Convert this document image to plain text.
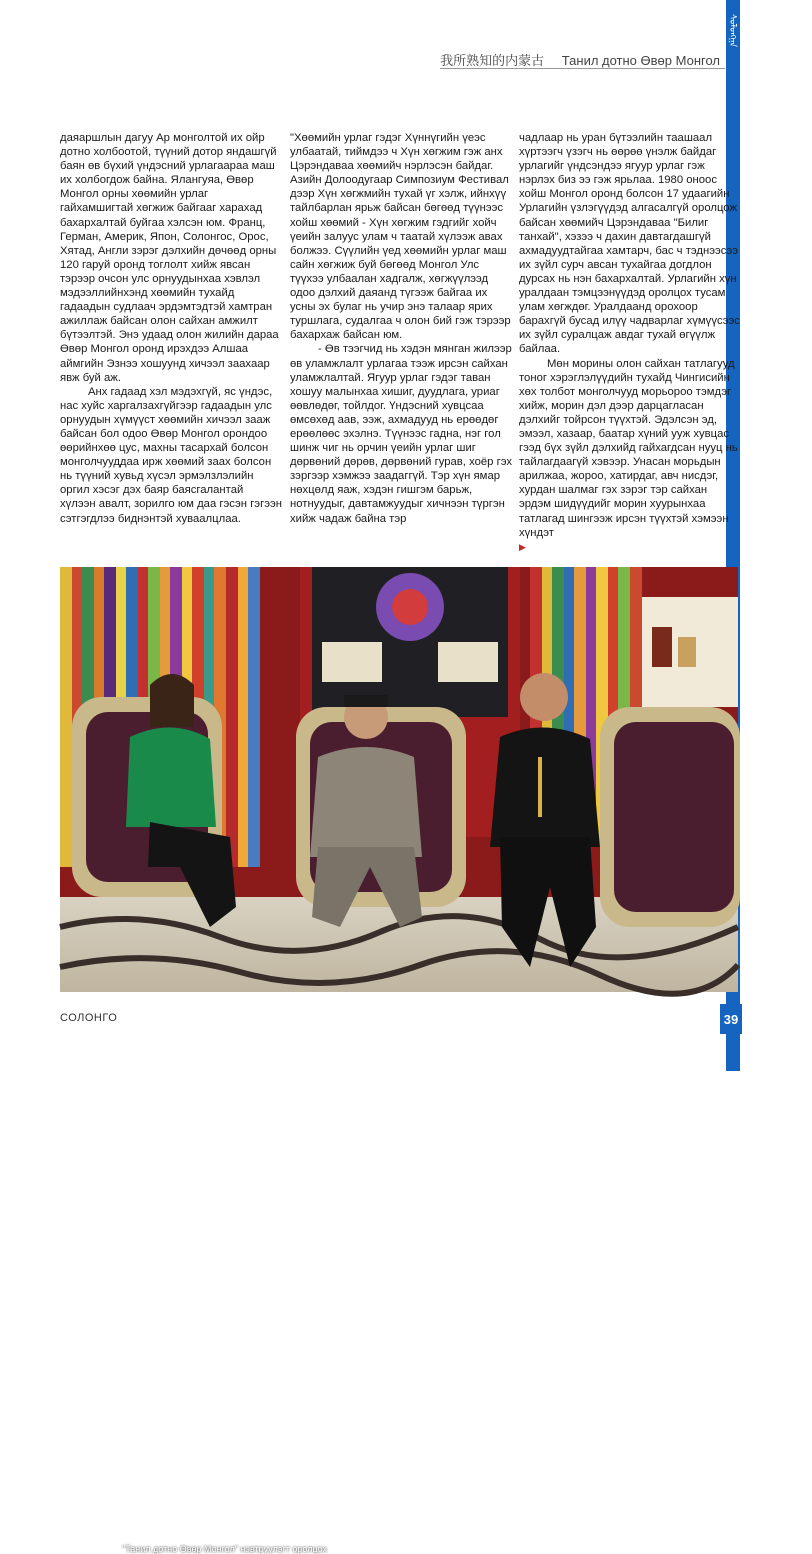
ᠰᠣᠯᠣᠩᠭ᠋ᠠ
我所熟知的内蒙古 Танил дотно Өвөр Монгол

даяаршлын дагуу Ар монголтой их ойр дотно холбоотой, түүний дотор яндашгүй баян өв бүхий үндэсний урлагаараа маш их холбогдож байна. Ялангуяа, Өвөр Монгол орны хөөмийн урлаг гайхамшигтай хөгжиж байгааг харахад бахархалтай буйгаа хэлсэн юм. Франц, Герман, Америк, Япон, Солонгос, Орос, Хятад, Англи зэрэг дэлхийн дөчөөд орны 120 гаруй оронд тоглолт хийж явсан тэрээр очсон улс орнуудынхаа хэвлэл мэдээллийнхэнд хөөмийн тухайд гадаадын судлаач эрдэмтэдтэй хамтран ажиллаж байсан олон сайхан амжилт бүтээлтэй. Энэ удаад олон жилийн дараа Өвөр Монгол оронд ирэхдээ Алшаа аймгийн Эзнээ хошуунд хичээл заахаар явж буй аж.

Анх гадаад хэл мэдэхгүй, яс үндэс, нас хуйс харгалзахгүйгээр гадаадын улс орнуудын хүмүүст хөөмийн хичээл зааж байсан бол одоо Өвөр Монгол орондоо өөрийнхөө цус, махны тасархай болсон монголчууддаа ирж хөөмий заах болсон нь түүний хувьд хүсэл эрмэлзлэлийн оргил хэсэг дэх баяр баясгалантай хүлээн авалт, зорилго юм даа гэсэн гэгээн сэтгэгдлээ биднэнтэй хуваалцлаа.

"Хөөмийн урлаг гэдэг Хүннүгийн үеэс улбаатай, тиймдээ ч Хүн хөгжим гэж анх Цэрэндаваа хөөмийч нэрлэсэн байдаг. Азийн Долоодугаар Симпозиум Фестивал дээр Хүн хөгжмийн тухай үг хэлж, ийнхүү тайлбарлан ярьж байсан бөгөөд түүнээс хойш хөөмий - Хүн хөгжим гэдгийг хойч үеийн залуус улам ч таатай хүлээж авах болжээ. Сүүлийн үед хөөмийн урлаг маш сайн хөгжиж буй бөгөөд Монгол Улс түүхээ улбаалан хадгалж, хөгжүүлээд одоо дэлхий даяанд түгээж байгаа их усны эх булаг нь учир энэ талаар ярих туршлага, судалгаа ч олон бий гэж тэрээр бахархаж байсан юм.

- Өв тээгчид нь хэдэн мянган жилээр өв уламжлалт урлагаа тээж ирсэн сайхан уламжлалтай. Ягуур урлаг гэдэг таван хошуу малынхаа хишиг, дуудлага, уриаг өөвлөдөг, тойлдог. Үндэсний хувцсаа өмсөхөд аав, ээж, ахмадууд нь ерөөдөг ерөөлөөс эхэлнэ. Түүнээс гадна, нэг гол шинж чиг нь орчин үеийн урлаг шиг дөрвөний дөрөв, дөрвөний гурав, хоёр гэх зэргээр хэмжээ заадаггүй. Тэр хүн ямар нөхцөлд яаж, хэдэн гишгэм барьж, нотнуудыг, давтамжуудыг хичнээн түргэн хийж чадаж байна тэр

чадлаар нь уран бүтээлийн таашаал хүртээгч үзэгч нь өөрөө үнэлж байдаг урлагийг үндсэндээ ягуур урлаг гэж нэрлэх биз ээ гэж ярьлаа. 1980 оноос хойш Монгол оронд болсон 17 удаагийн Урлагийн үзлэгүүдэд алгасалгүй оролцож байсан хөөмийч Цэрэндаваа "Билиг танхай", хэзээ ч дахин давтагдашгүй ахмадуудтайгаа хамтарч, бас ч тэднээсээ их зүйл сурч авсан тухайгаа догдлон дурсах нь нэн бахархалтай. Урлагийн хүн уралдаан тэмцээнүүдэд оролцох тусам улам хөгждөг. Уралдаанд орохоор барахгүй бусад илүү чадварлаг хүмүүсээс их зүйл суралцаж авдаг тухай өгүүлж байлаа.

Мөн морины олон сайхан татлагууд тоног хэрэглэлүүдийн тухайд Чингисийн хөх толбот монголчууд морьороо тэмдэг хийж, морин дэл дээр дарцагласан дэлхийг тойрсон түүхтэй. Эдэлсэн эд, эмээл, хазаар, баатар хүний ууж хувцас гээд бүх зүйл дэлхийд гайхагдсан нууц нь тайлагдаагүй хэвээр. Унасан морьдын арилжаа, жороо, хатирдаг, авч нисдэг, хурдан шалмаг гэх зэрэг тэр сайхан эрдэм шидүүдийг морин хуурынхаа татлагад шингээж ирсэн түүхтэй хэмээн хүндэт

▶
"Танил дотно Өвөр Монгол" нэвтрүүлэгт оролцох
СОЛОНГО	39
